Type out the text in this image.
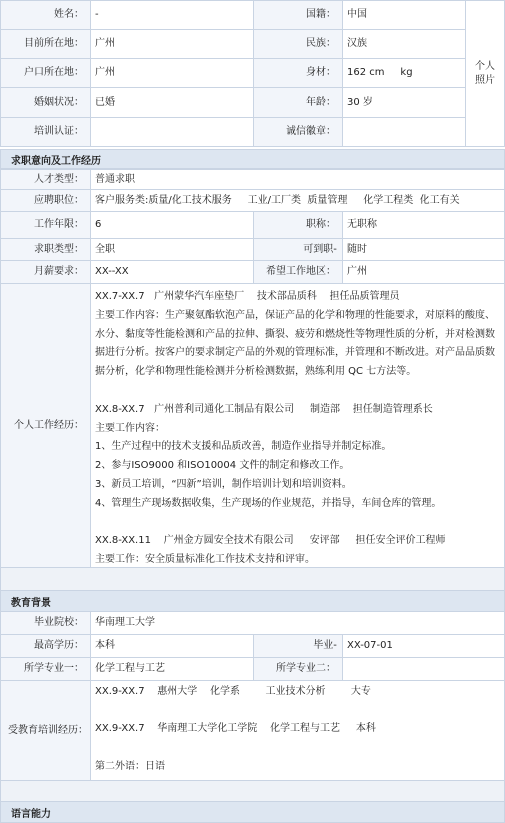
姓名： -	国籍： 中国
目前所在地： 广州	民族： 汉族
户口所在地： 广州	身材： 162 cm     kg
婚姻状况： 已婚	年龄： 30 岁
培训认证：	诚信徽章：
个人照片
求职意向及工作经历
人才类型： 普通求职
应聘职位： 客户服务类:质量/化工技术服务     工业/工厂类  质量管理     化学工程类  化工有关
工作年限： 6	职称： 无职称
求职类型： 全职	可到职- 随时
月薪要求： XX--XX	希望工作地区： 广州
个人工作经历：

XX.7-XX.7   广州蒙华汽车座垫厂    技术部品质科    担任品质管理员

主要工作内容：生产聚氨酯软泡产品，保证产品的化学和物理的性能要求，对原料的酸度、水分、黏度等性能检测和产品的拉伸、撕裂、疲劳和燃烧性等物理性质的分析，并对检测数据进行分析。按客户的要求制定产品的外观的管理标准，并管理和不断改进。对产品品质数据分析，化学和物理性能检测并分析检测数据，熟练利用 QC 七方法等。

XX.8-XX.7   广州普利司通化工制品有限公司     制造部    担任制造管理系长

主要工作内容：

1、生产过程中的技术支援和品质改善，制造作业指导并制定标准。

2、参与ISO9000 和ISO10004 文件的制定和修改工作。

3、新员工培训，“四新”培训，制作培训计划和培训资料。

4、管理生产现场数据收集，生产现场的作业规范，并指导，车间仓库的管理。

XX.8-XX.11    广州金方圆安全技术有限公司     安评部     担任安全评价工程师

主要工作：安全质量标准化工作技术支持和评审。

教育背景
毕业院校： 华南理工大学
最高学历： 本科	毕业- XX-07-01
所学专业一： 化学工程与工艺	所学专业二：
受教育培训经历：

XX.9-XX.7    惠州大学    化学系        工业技术分析        大专

XX.9-XX.7    华南理工大学化工学院    化学工程与工艺     本科

第二外语：日语

语言能力
